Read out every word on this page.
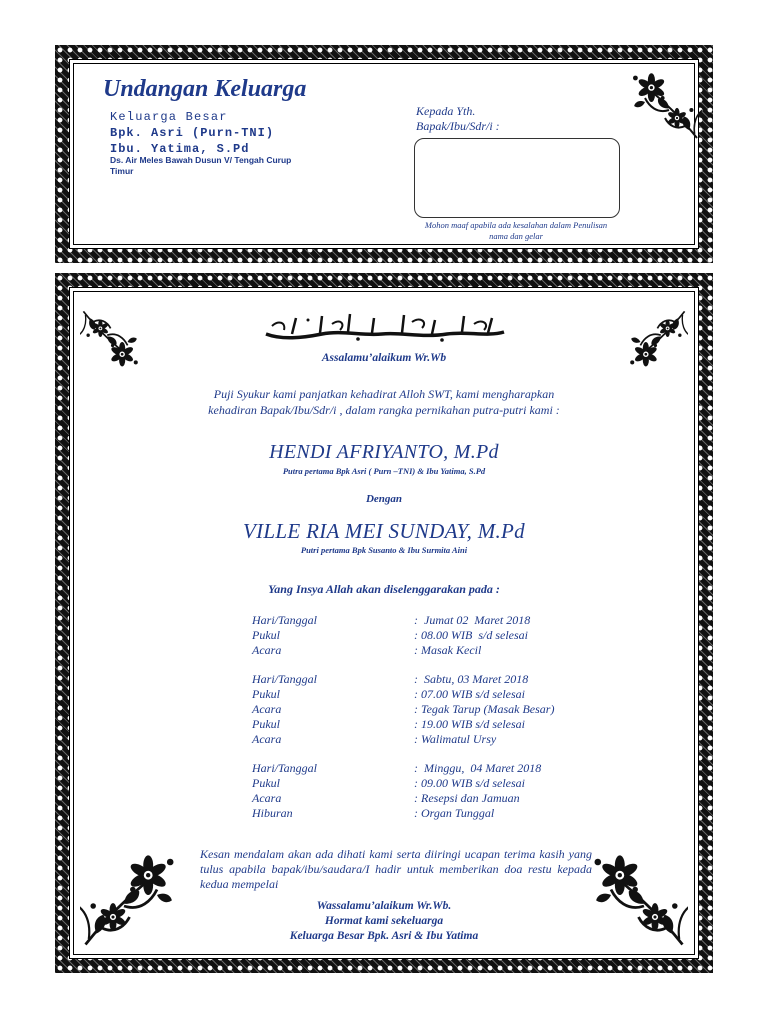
Undangan Keluarga
Keluarga Besar
Bpk. Asri (Purn-TNI)
Ibu. Yatima, S.Pd
Ds. Air Meles Bawah Dusun V/ Tengah Curup Timur
Kepada Yth.
Bapak/Ibu/Sdr/i :
Mohon maaf apabila ada kesalahan dalam Penulisan nama dan gelar

Assalamu’alaikum Wr.Wb

Puji Syukur kami panjatkan kehadirat Alloh SWT, kami mengharapkan
kehadiran Bapak/Ibu/Sdr/i , dalam rangka pernikahan putra-putri kami :

HENDI AFRIYANTO, M.Pd

Putra pertama Bpk Asri ( Purn –TNI) & Ibu Yatima, S.Pd

Dengan

VILLE RIA MEI SUNDAY, M.Pd

Putri pertama Bpk Susanto & Ibu Surmita Aini

Yang Insya Allah akan diselenggarakan pada :

Hari/Tanggal	:  Jumat 02  Maret 2018
Pukul	: 08.00 WIB  s/d selesai
Acara	: Masak Kecil
Hari/Tanggal	:  Sabtu, 03 Maret 2018
Pukul	: 07.00 WIB s/d selesai
Acara	: Tegak Tarup (Masak Besar)
Pukul	: 19.00 WIB s/d selesai
Acara	: Walimatul Ursy
Hari/Tanggal	:  Minggu,  04 Maret 2018
Pukul	: 09.00 WIB s/d selesai
Acara	: Resepsi dan Jamuan
Hiburan	: Organ Tunggal

Kesan mendalam akan ada dihati kami serta diiringi ucapan terima kasih yang tulus apabila bapak/ibu/saudara/I hadir untuk memberikan doa restu kepada kedua mempelai

Wassalamu’alaikum Wr.Wb.
Hormat kami sekeluarga
Keluarga Besar Bpk. Asri & Ibu Yatima
